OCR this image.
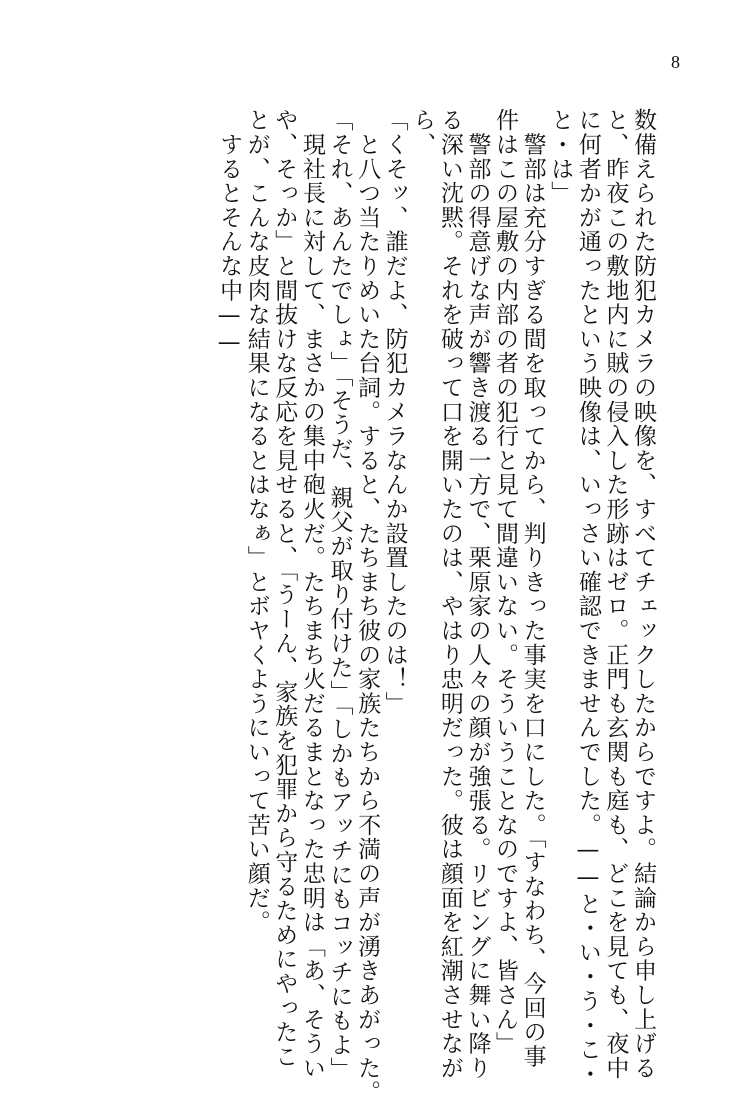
8
数備えられた防犯カメラの映像を、すべてチェックしたからですよ。結論から申し上げる
と、昨夜この敷地内に賊の侵入した形跡はゼロ。正門も玄関も庭も、どこを見ても、夜中
に何者かが通ったという映像は、いっさい確認できませんでした。——と・い・う・こ・
と・は」
　警部は充分すぎる間を取ってから、判りきった事実を口にした。「すなわち、今回の事
件はこの屋敷の内部の者の犯行と見て間違いない。そういうことなのですよ、皆さん」
　警部の得意げな声が響き渡る一方で、栗原家の人々の顔が強張る。リビングに舞い降り
る深い沈黙。それを破って口を開いたのは、やはり忠明だった。彼は顔面を紅潮させなが
ら、
「くそッ、誰だよ、防犯カメラなんか設置したのは！」
　と八つ当たりめいた台詞。すると、たちまち彼の家族たちから不満の声が湧きあがった。
「それ、あんたでしょ」「そうだ、親父が取り付けた」「しかもアッチにもコッチにもよ」
　現社長に対して、まさかの集中砲火だ。たちまち火だるまとなった忠明は「あ、そうい
や、そっか」と間抜けな反応を見せると、「うーん、家族を犯罪から守るためにやったこ
とが、こんな皮肉な結果になるとはなぁ」とボヤくようにいって苦い顔だ。
　するとそんな中——
